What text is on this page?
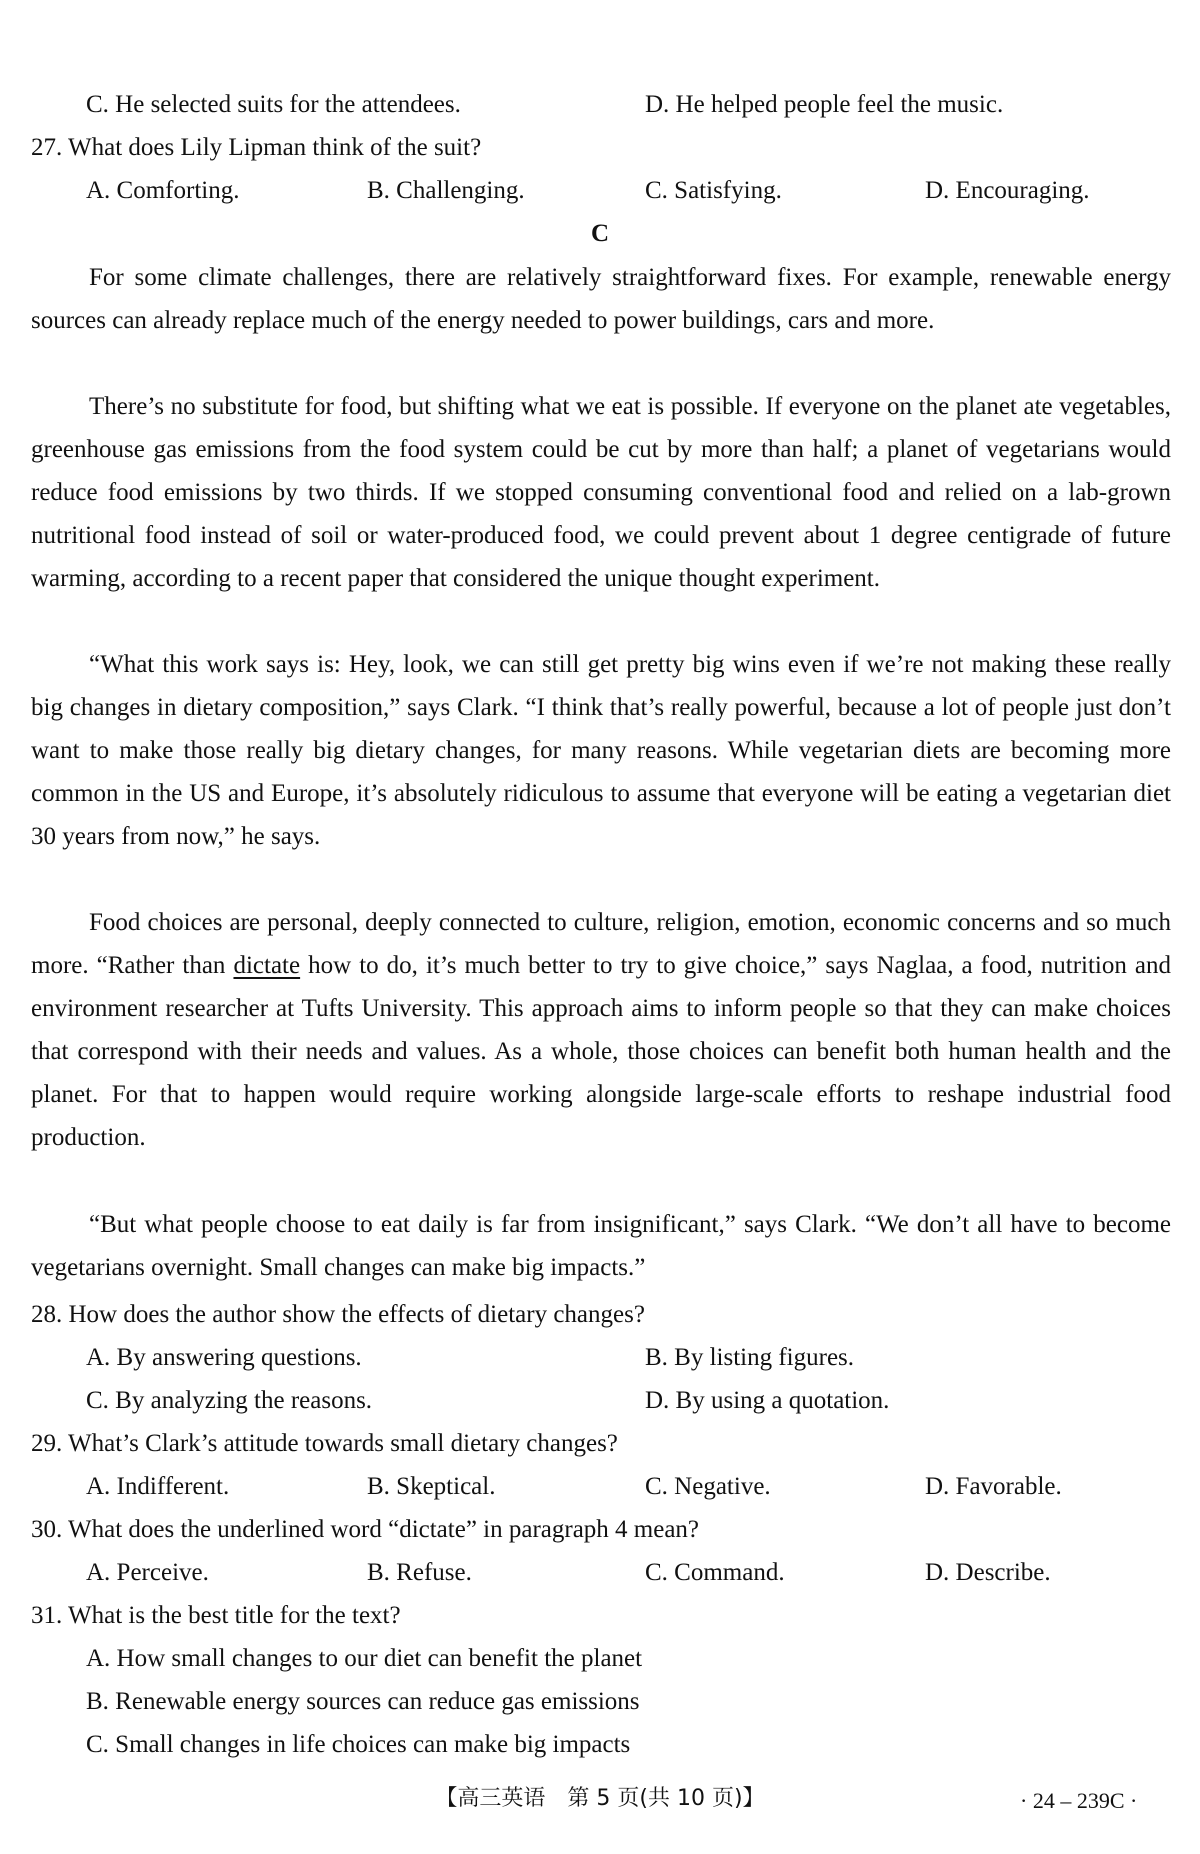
C. He selected suits for the attendees.	D. He helped people feel the music.
27. What does Lily Lipman think of the suit?
A. Comforting.	B. Challenging.	C. Satisfying.	D. Encouraging.
C

For some climate challenges, there are relatively straightforward fixes. For example, renewable energy sources can already replace much of the energy needed to power buildings, cars and more.

There’s no substitute for food, but shifting what we eat is possible. If everyone on the planet ate vegetables, greenhouse gas emissions from the food system could be cut by more than half; a planet of vegetarians would reduce food emissions by two thirds. If we stopped consuming conventional food and relied on a lab-grown nutritional food instead of soil or water-produced food, we could prevent about 1 degree centigrade of future warming, according to a recent paper that considered the unique thought experiment.

“What this work says is: Hey, look, we can still get pretty big wins even if we’re not making these really big changes in dietary composition,” says Clark. “I think that’s really powerful, because a lot of people just don’t want to make those really big dietary changes, for many reasons. While vegetarian diets are becoming more common in the US and Europe, it’s absolutely ridiculous to assume that everyone will be eating a vegetarian diet 30 years from now,” he says.

Food choices are personal, deeply connected to culture, religion, emotion, economic concerns and so much more. “Rather than dictate how to do, it’s much better to try to give choice,” says Naglaa, a food, nutrition and environment researcher at Tufts University. This approach aims to inform people so that they can make choices that correspond with their needs and values. As a whole, those choices can benefit both human health and the planet. For that to happen would require working alongside large-scale efforts to reshape industrial food production.

“But what people choose to eat daily is far from insignificant,” says Clark. “We don’t all have to become vegetarians overnight. Small changes can make big impacts.”

28. How does the author show the effects of dietary changes?
A. By answering questions.	B. By listing figures.
C. By analyzing the reasons.	D. By using a quotation.
29. What’s Clark’s attitude towards small dietary changes?
A. Indifferent.	B. Skeptical.	C. Negative.	D. Favorable.
30. What does the underlined word “dictate” in paragraph 4 mean?
A. Perceive.	B. Refuse.	C. Command.	D. Describe.
31. What is the best title for the text?
A. How small changes to our diet can benefit the planet
B. Renewable energy sources can reduce gas emissions
C. Small changes in life choices can make big impacts
【高三英语　第 5 页(共 10 页)】	· 24 – 239C ·
